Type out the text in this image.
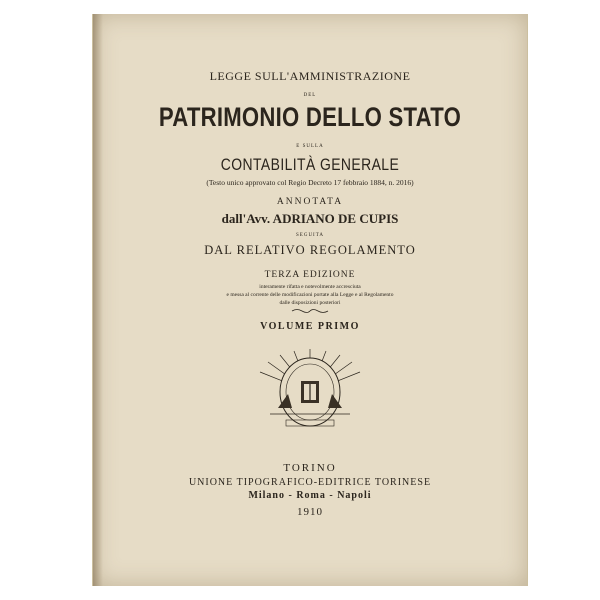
LEGGE SULL'AMMINISTRAZIONE
DEL
PATRIMONIO DELLO STATO
E SULLA
CONTABILITÀ GENERALE
(Testo unico approvato col Regio Decreto 17 febbraio 1884, n. 2016)
ANNOTATA
dall'Avv. ADRIANO DE CUPIS
SEGUITA
DAL RELATIVO REGOLAMENTO
TERZA EDIZIONE
interamente rifatta e notevolmente accresciuta
e messa al corrente delle modificazioni portate alla Legge e al Regolamento
dalle disposizioni posteriori
VOLUME PRIMO
TORINO
UNIONE TIPOGRAFICO-EDITRICE TORINESE
Milano - Roma - Napoli
1910
